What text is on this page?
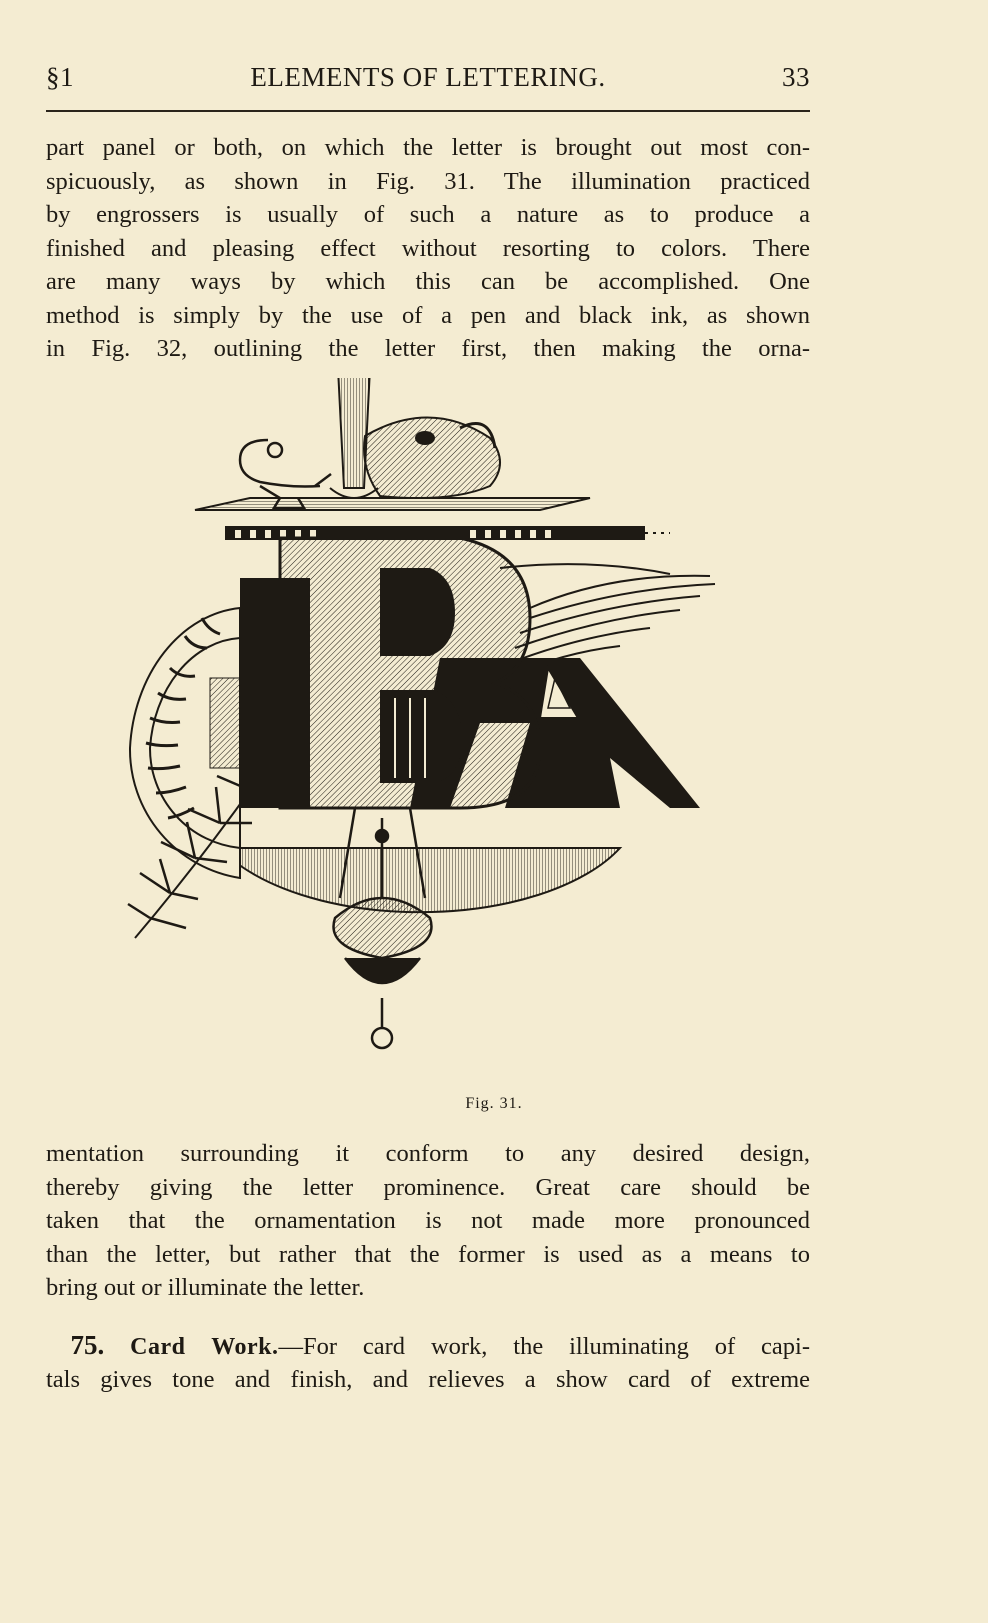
§1	ELEMENTS OF LETTERING.	33
part panel or both, on which the letter is brought out most con-
spicuously, as shown in Fig. 31. The illumination practiced
by engrossers is usually of such a nature as to produce a
finished and pleasing effect without resorting to colors. There
are many ways by which this can be accomplished. One
method is simply by the use of a pen and black ink, as shown
in Fig. 32, outlining the letter first, then making the orna-
Fig. 31.
mentation surrounding it conform to any desired design,
thereby giving the letter prominence. Great care should be
taken that the ornamentation is not made more pronounced
than the letter, but rather that the former is used as a means to
bring out or illuminate the letter.
 75. Card Work.—For card work, the illuminating of capi-
tals gives tone and finish, and relieves a show card of extreme
